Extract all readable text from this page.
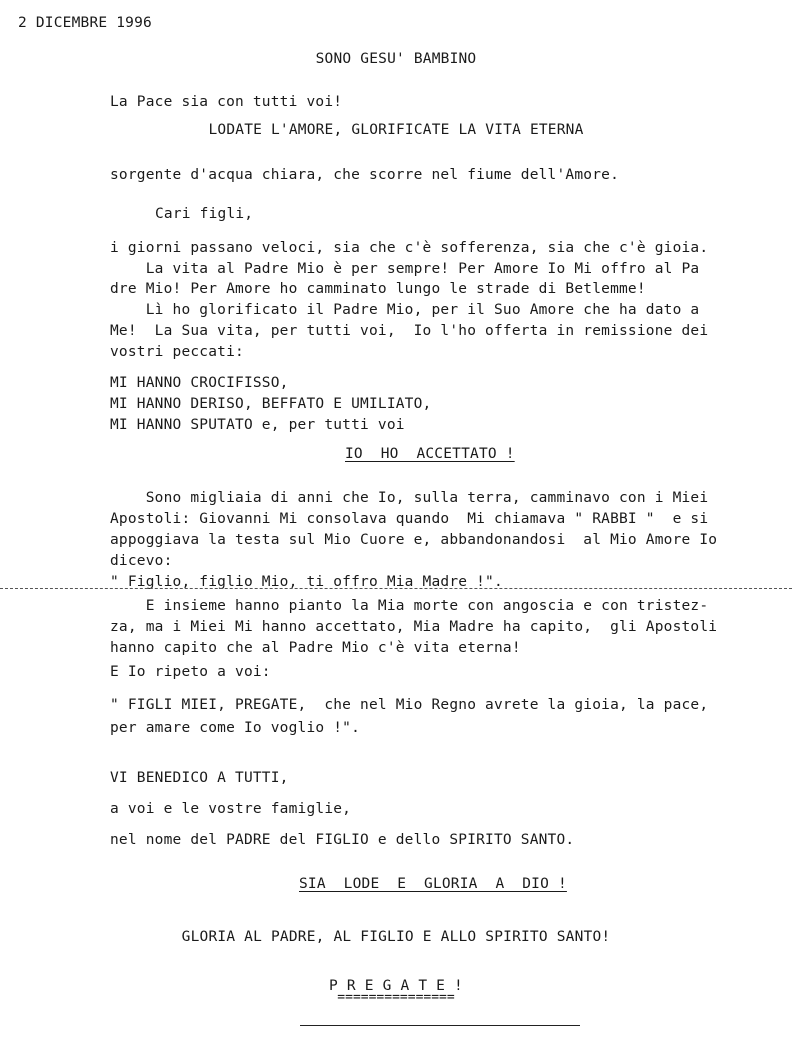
2 DICEMBRE 1996
SONO GESU' BAMBINO
La Pace sia con tutti voi!
LODATE L'AMORE, GLORIFICATE LA VITA ETERNA
sorgente d'acqua chiara, che scorre nel fiume dell'Amore.
Cari figli,
i giorni passano veloci, sia che c'è sofferenza, sia che c'è gioia.
La vita al Padre Mio è per sempre! Per Amore Io Mi offro al Pa
dre Mio! Per Amore ho camminato lungo le strade di Betlemme!
Lì ho glorificato il Padre Mio, per il Suo Amore che ha dato a
Me!  La Sua vita, per tutti voi,  Io l'ho offerta in remissione dei
vostri peccati:
MI HANNO CROCIFISSO,
MI HANNO DERISO, BEFFATO E UMILIATO,
MI HANNO SPUTATO e, per tutti voi
IO  HO  ACCETTATO !
Sono migliaia di anni che Io, sulla terra, camminavo con i Miei
Apostoli: Giovanni Mi consolava quando  Mi chiamava " RABBI "  e si
appoggiava la testa sul Mio Cuore e, abbandonandosi  al Mio Amore Io
dicevo:
" Figlio, figlio Mio, ti offro Mia Madre !".
E insieme hanno pianto la Mia morte con angoscia e con tristez-
za, ma i Miei Mi hanno accettato, Mia Madre ha capito,  gli Apostoli
hanno capito che al Padre Mio c'è vita eterna!
E Io ripeto a voi:
" FIGLI MIEI, PREGATE,  che nel Mio Regno avrete la gioia, la pace,
per amare come Io voglio !".
VI BENEDICO A TUTTI,
a voi e le vostre famiglie,
nel nome del PADRE del FIGLIO e dello SPIRITO SANTO.
SIA  LODE  E  GLORIA  A  DIO !
GLORIA AL PADRE, AL FIGLIO E ALLO SPIRITO SANTO!
P R E G A T E !
===============
